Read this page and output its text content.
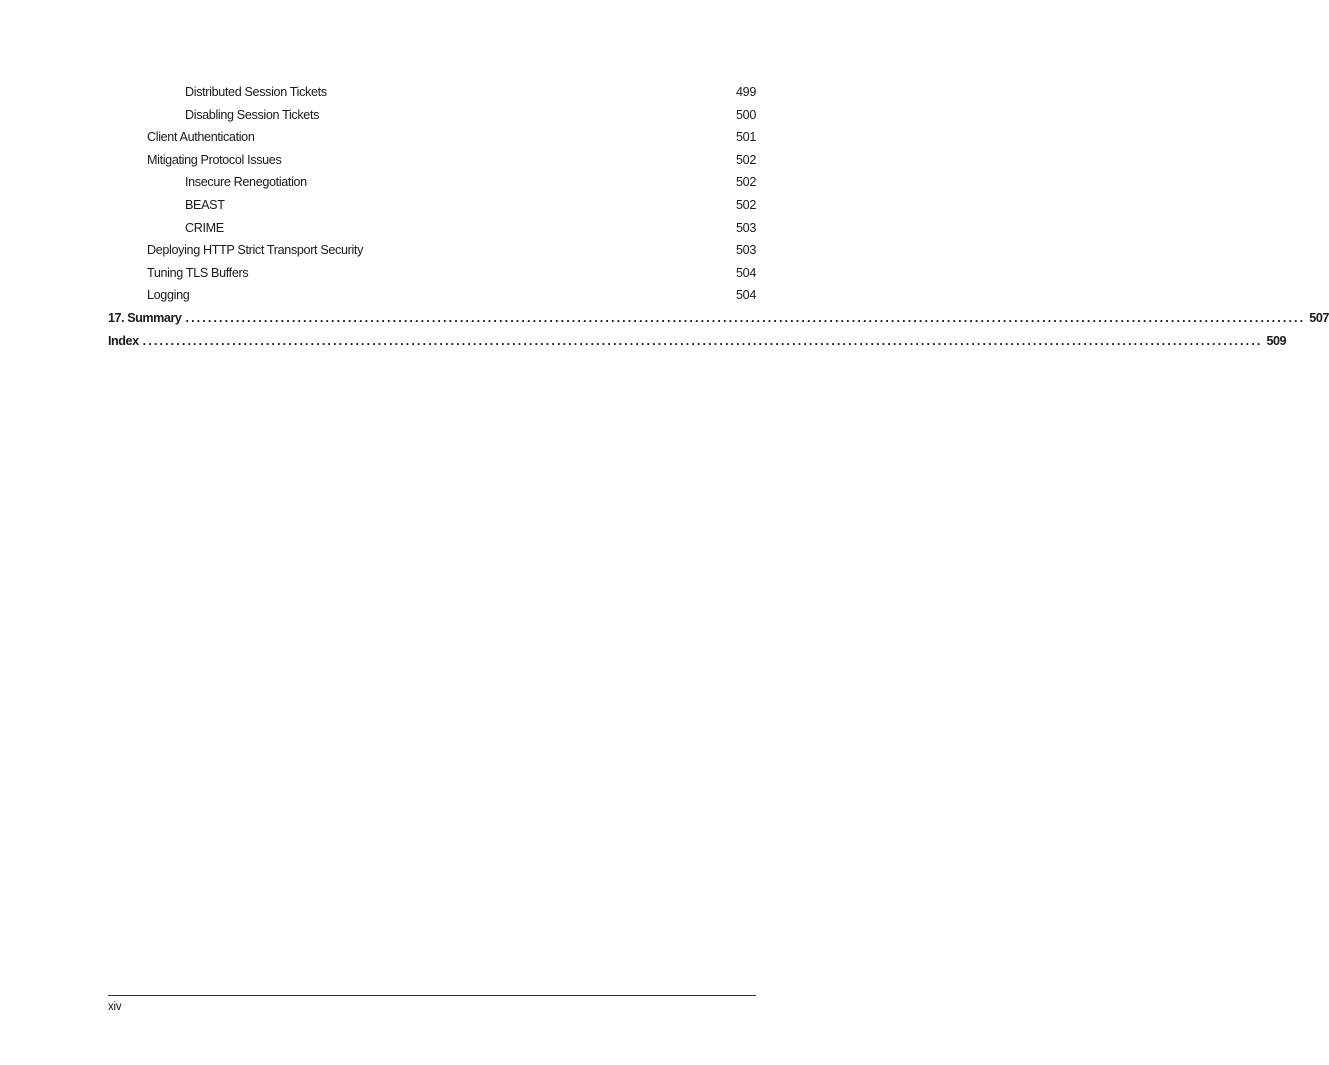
Distributed Session Tickets	499
Disabling Session Tickets	500
Client Authentication	501
Mitigating Protocol Issues	502
Insecure Renegotiation	502
BEAST	502
CRIME	503
Deploying HTTP Strict Transport Security	503
Tuning TLS Buffers	504
Logging	504
17. Summary ........................................................................................................................................................................................................ 507
Index ........................................................................................................................................................................................................ 509
xiv
